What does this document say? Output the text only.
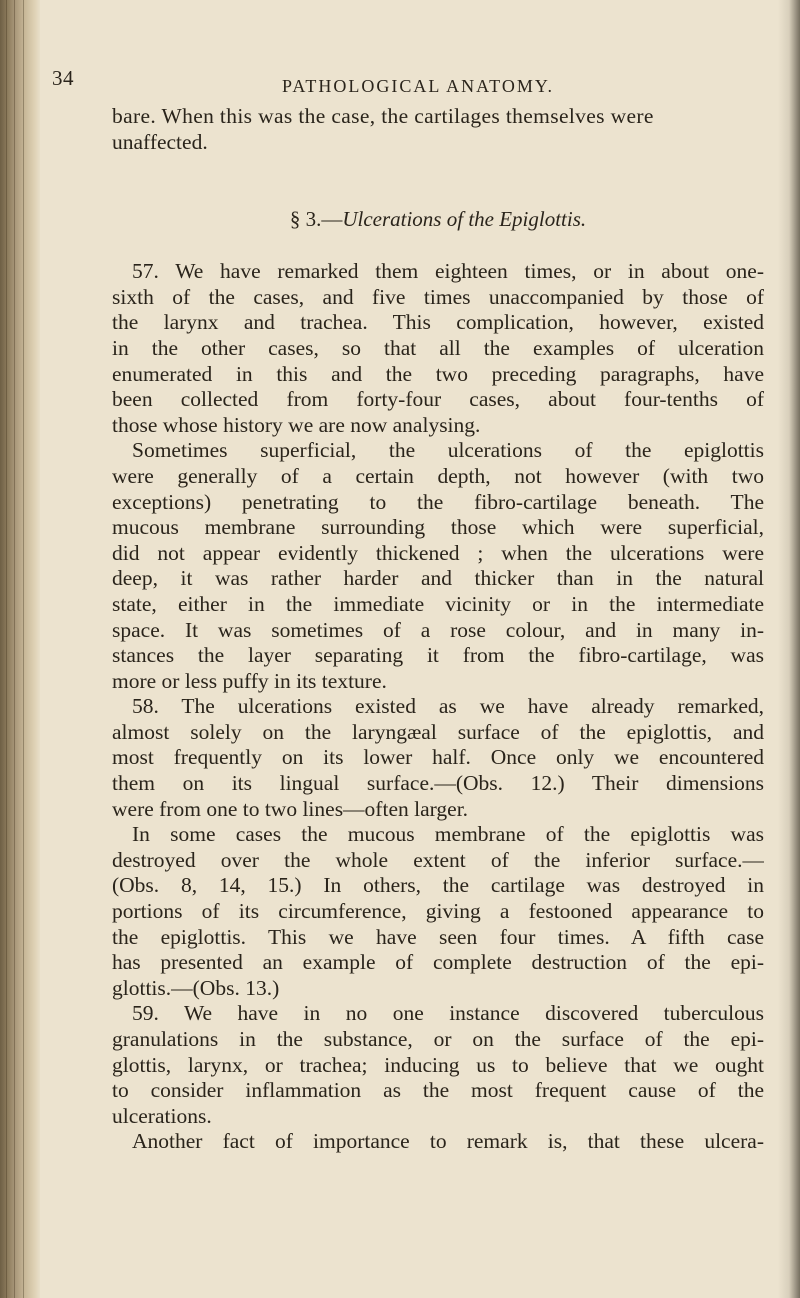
34	PATHOLOGICAL ANATOMY.
bare. When this was the case, the cartilages themselves were
unaffected.
§ 3.—Ulcerations of the Epiglottis.
57. We have remarked them eighteen times, or in about one-
sixth of the cases, and five times unaccompanied by those of
the larynx and trachea. This complication, however, existed
in the other cases, so that all the examples of ulceration
enumerated in this and the two preceding paragraphs, have
been collected from forty-four cases, about four-tenths of
those whose history we are now analysing.
Sometimes superficial, the ulcerations of the epiglottis
were generally of a certain depth, not however (with two
exceptions) penetrating to the fibro-cartilage beneath. The
mucous membrane surrounding those which were superficial,
did not appear evidently thickened ; when the ulcerations were
deep, it was rather harder and thicker than in the natural
state, either in the immediate vicinity or in the intermediate
space. It was sometimes of a rose colour, and in many in-
stances the layer separating it from the fibro-cartilage, was
more or less puffy in its texture.
58. The ulcerations existed as we have already remarked,
almost solely on the laryngæal surface of the epiglottis, and
most frequently on its lower half. Once only we encountered
them on its lingual surface.—(Obs. 12.) Their dimensions
were from one to two lines—often larger.
In some cases the mucous membrane of the epiglottis was
destroyed over the whole extent of the inferior surface.—
(Obs. 8, 14, 15.) In others, the cartilage was destroyed in
portions of its circumference, giving a festooned appearance to
the epiglottis. This we have seen four times. A fifth case
has presented an example of complete destruction of the epi-
glottis.—(Obs. 13.)
59. We have in no one instance discovered tuberculous
granulations in the substance, or on the surface of the epi-
glottis, larynx, or trachea; inducing us to believe that we ought
to consider inflammation as the most frequent cause of the
ulcerations.
Another fact of importance to remark is, that these ulcera-
